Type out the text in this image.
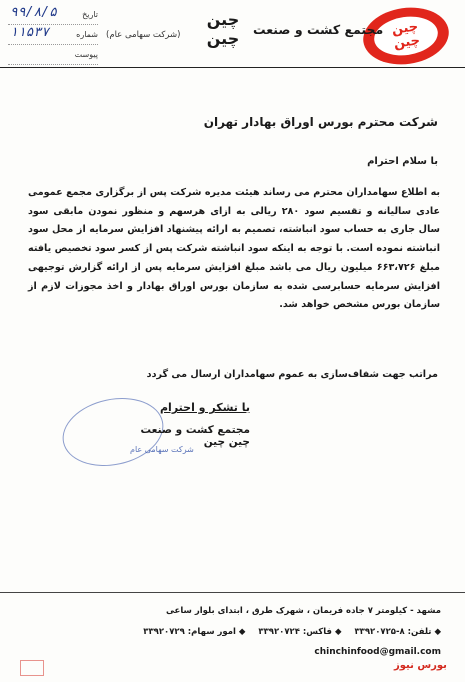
چین
چین
چین
چین	مجتمع کشت و صنعت
(شرکت سهامی عام)
تاریخ
۹۹/۸/۵
شماره
۱۱۵۳۷
پیوست
شرکت محترم بورس اوراق بهادار تهران
با سلام احترام
به اطلاع سهامداران محترم می رساند هیئت مدیره شرکت پس از برگزاری مجمع عمومی عادی سالیانه و تقسیم سود ۲۸۰ ریالی به ازای هرسهم و منظور نمودن مابقی سود سال جاری به حساب سود انباشته، تصمیم به ارائه پیشنهاد افزایش سرمایه از محل سود انباشته نموده است. با توجه به اینکه سود انباشته شرکت پس از کسر سود تخصیص یافته مبلغ ۶۶۳،۷۲۶ میلیون ریال می باشد مبلغ افزایش سرمایه پس از ارائه گزارش توجیهی افزایش سرمایه حسابرسی شده به سازمان بورس اوراق بهادار و اخذ مجوزات لازم از سازمان بورس مشخص خواهد شد.
مراتب جهت شفاف‌سازی به عموم سهامداران ارسال می گردد
با تشکر و احترام
مجتمع کشت و صنعت چین چین
شرکت سهامی عام
مشهد - کیلومتر ۷ جاده فریمان ، شهرک طرق ، ابتدای بلوار ساعی
◆ تلفن: ۸-۳۳۹۲۰۷۲۵ ◆ فاکس: ۳۳۹۲۰۷۲۴ ◆ امور سهام: ۳۳۹۲۰۷۲۹
chinchinfood@gmail.com
بورس نیوز
